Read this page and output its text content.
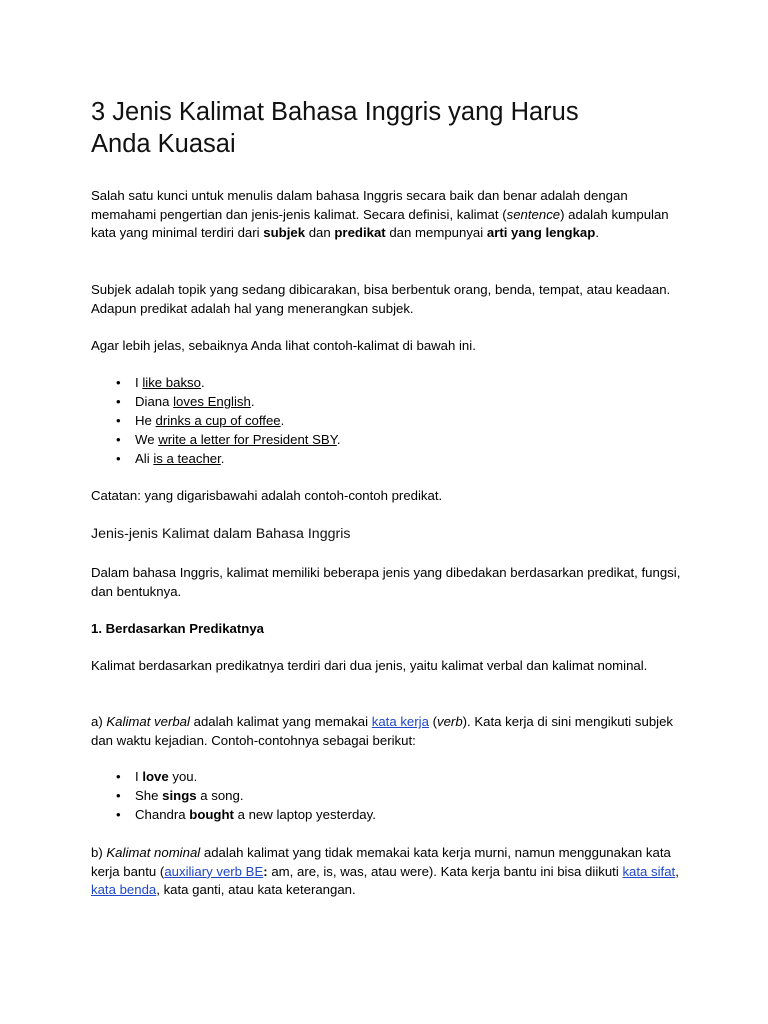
3 Jenis Kalimat Bahasa Inggris yang Harus
Anda Kuasai

Salah satu kunci untuk menulis dalam bahasa Inggris secara baik dan benar adalah dengan memahami pengertian dan jenis-jenis kalimat. Secara definisi, kalimat (sentence) adalah kumpulan kata yang minimal terdiri dari subjek dan predikat dan mempunyai arti yang lengkap.

Subjek adalah topik yang sedang dibicarakan, bisa berbentuk orang, benda, tempat, atau keadaan. Adapun predikat adalah hal yang menerangkan subjek.

Agar lebih jelas, sebaiknya Anda lihat contoh-kalimat di bawah ini.

• I like bakso.
• Diana loves English.
• He drinks a cup of coffee.
• We write a letter for President SBY.
• Ali is a teacher.

Catatan: yang digarisbawahi adalah contoh-contoh predikat.

Jenis-jenis Kalimat dalam Bahasa Inggris

Dalam bahasa Inggris, kalimat memiliki beberapa jenis yang dibedakan berdasarkan predikat, fungsi, dan bentuknya.

1. Berdasarkan Predikatnya

Kalimat berdasarkan predikatnya terdiri dari dua jenis, yaitu kalimat verbal dan kalimat nominal.

a) Kalimat verbal adalah kalimat yang memakai kata kerja (verb). Kata kerja di sini mengikuti subjek dan waktu kejadian. Contoh-contohnya sebagai berikut:

• I love you.
• She sings a song.
• Chandra bought a new laptop yesterday.

b) Kalimat nominal adalah kalimat yang tidak memakai kata kerja murni, namun menggunakan kata kerja bantu (auxiliary verb BE: am, are, is, was, atau were). Kata kerja bantu ini bisa diikuti kata sifat, kata benda, kata ganti, atau kata keterangan.
